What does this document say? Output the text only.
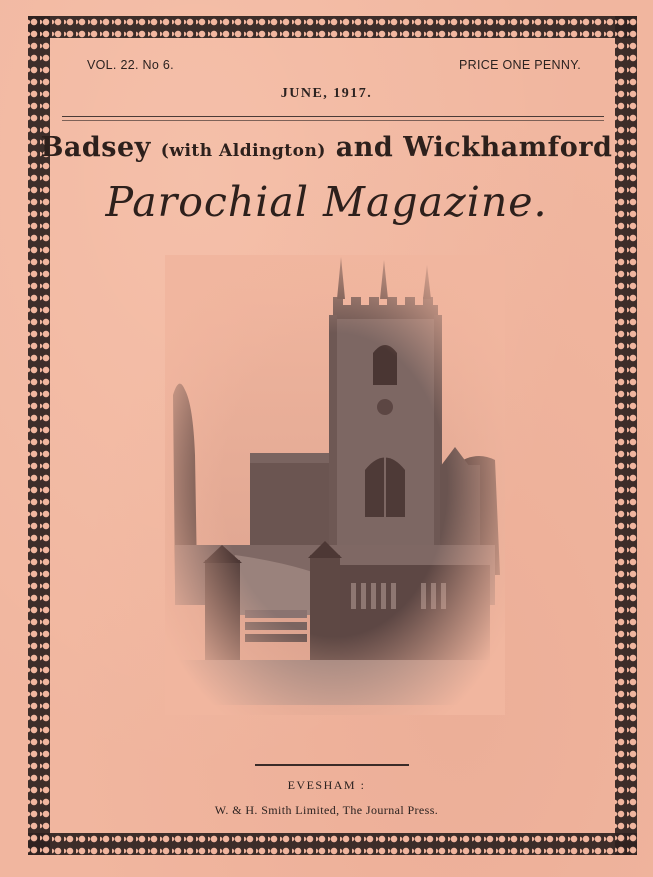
VOL. 22. No 6.	PRICE ONE PENNY.
JUNE, 1917.
Badsey (with Aldington) and Wickhamford
Parochial Magazine.
EVESHAM :
W. & H. Smith Limited, The Journal Press.
